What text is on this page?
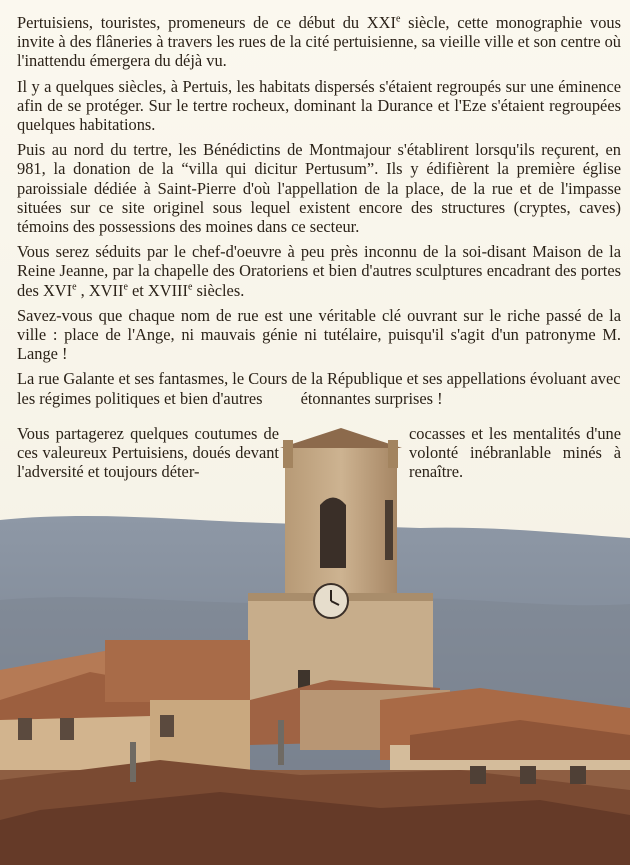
Pertuisiens, touristes, promeneurs de ce début du XXIe siècle, cette monographie vous invite à des flâneries à travers les rues de la cité pertuisienne, sa vieille ville et son centre où l'inattendu émergera du déjà vu.

Il y a quelques siècles, à Pertuis, les habitats dispersés s'étaient regroupés sur une éminence afin de se protéger. Sur le tertre rocheux, dominant la Durance et l'Eze s'étaient regroupées quelques habitations.

Puis au nord du tertre, les Bénédictins de Montmajour s'établirent lorsqu'ils reçurent, en 981, la donation de la “villa qui dicitur Pertusum”. Ils y édifièrent la première église paroissiale dédiée à Saint-Pierre d'où l'appellation de la place, de la rue et de l'impasse situées sur ce site originel sous lequel existent encore des structures (cryptes, caves) témoins des possessions des moines dans ce secteur.

Vous serez séduits par le chef-d'oeuvre à peu près inconnu de la soi-disant Maison de la Reine Jeanne, par la chapelle des Oratoriens et bien d'autres sculptures encadrant des portes des XVIe , XVIIe et XVIIIe siècles.

Savez-vous que chaque nom de rue est une véritable clé ouvrant sur le riche passé de la ville : place de l'Ange, ni mauvais génie ni tutélaire, puisqu'il s'agit d'un patronyme M. Lange !

La rue Galante et ses fantasmes, le Cours de la République et ses appellations évoluant avec les régimes politiques et bien d'autres étonnantes surprises !

Vous partagerez quelques coutumes de ces valeureux Pertuisiens, doués devant l'adversité et toujours déter-
cocasses et les mentalités d'une volonté inébranlable minés à renaître.
